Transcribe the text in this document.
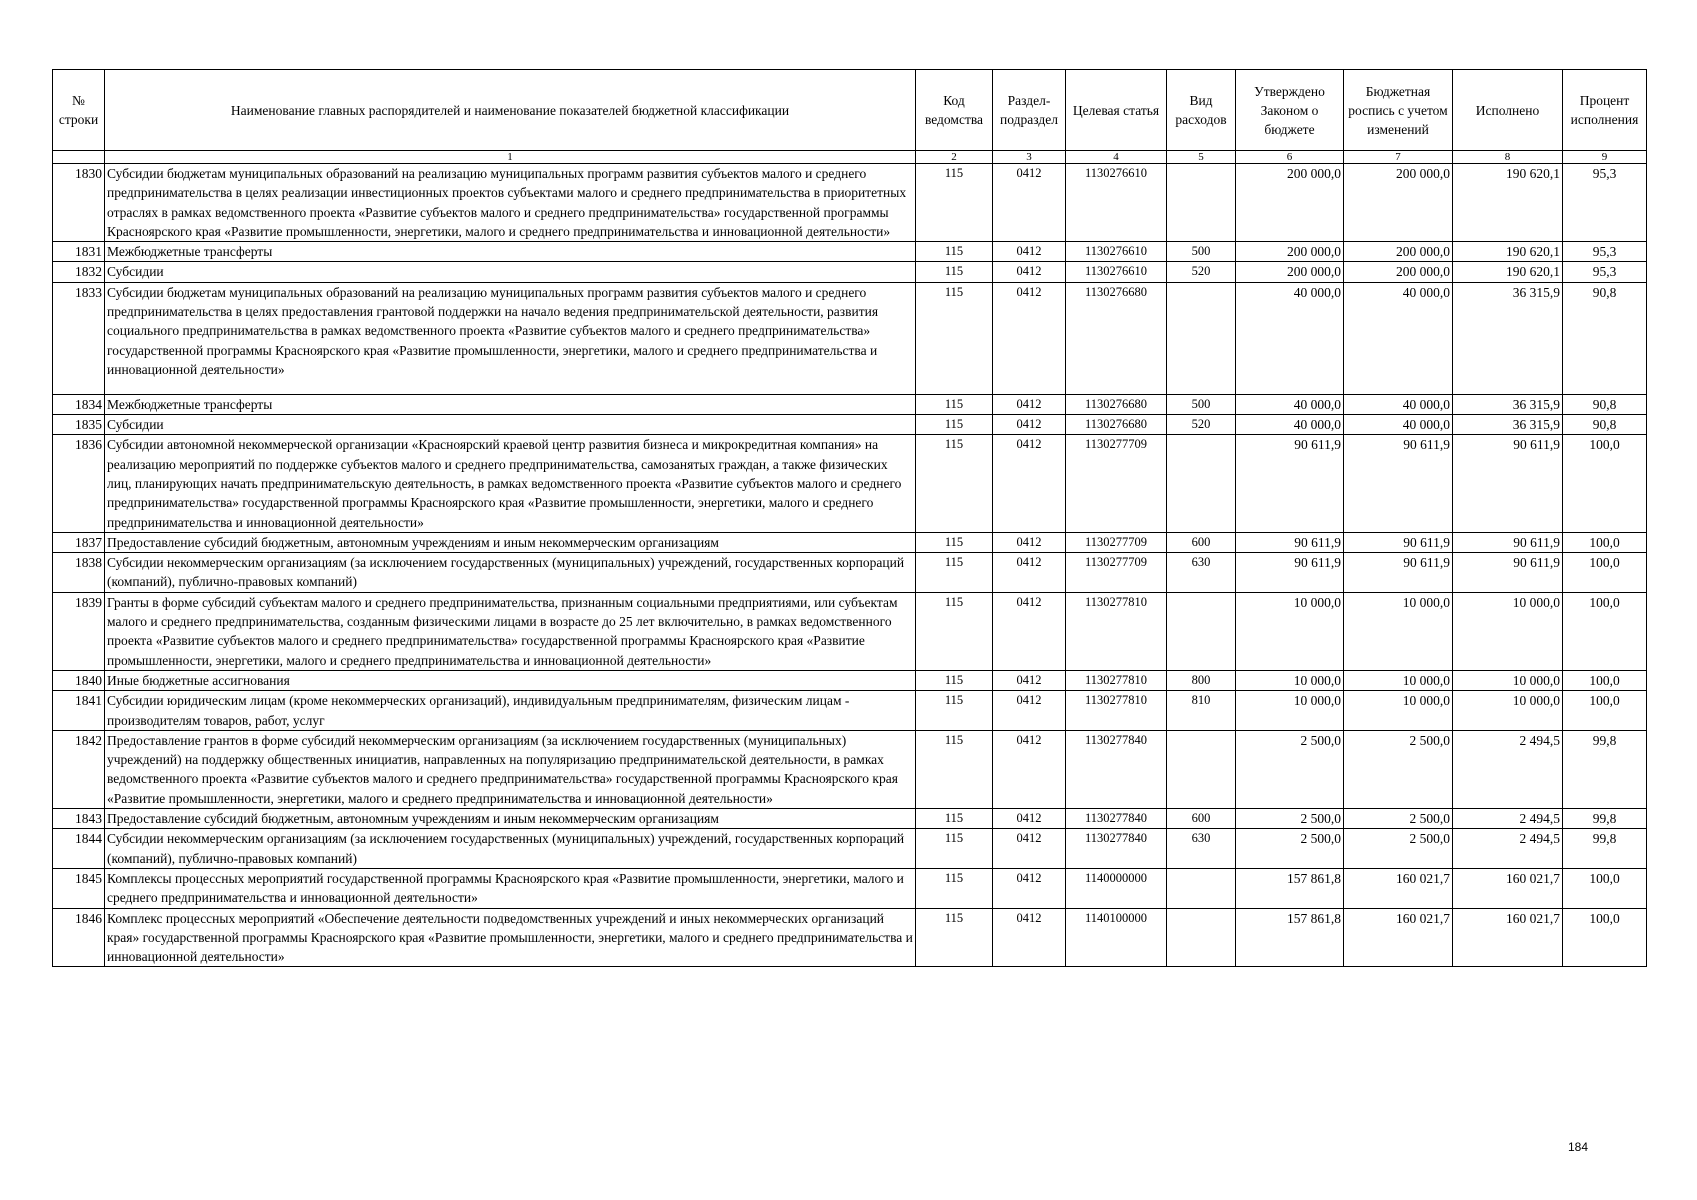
№ строки	Наименование главных распорядителей и наименование показателей бюджетной классификации	Код ведомства	Раздел-подраздел	Целевая статья	Вид расходов	Утверждено Законом о бюджете	Бюджетная роспись с учетом изменений	Исполнено	Процент исполнения
	1	2	3	4	5	6	7	8	9
1830	Субсидии бюджетам муниципальных образований на реализацию муниципальных программ развития субъектов малого и среднего предпринимательства в целях реализации инвестиционных проектов субъектами малого и среднего предпринимательства в приоритетных отраслях в рамках ведомственного проекта «Развитие субъектов малого и среднего предпринимательства» государственной программы Красноярского края «Развитие промышленности, энергетики, малого и среднего предпринимательства и инновационной деятельности»	115	0412	1130276610		200 000,0	200 000,0	190 620,1	95,3
1831	Межбюджетные трансферты	115	0412	1130276610	500	200 000,0	200 000,0	190 620,1	95,3
1832	Субсидии	115	0412	1130276610	520	200 000,0	200 000,0	190 620,1	95,3
1833	Субсидии бюджетам муниципальных образований на реализацию муниципальных программ развития субъектов малого и среднего предпринимательства в целях предоставления грантовой поддержки на начало ведения предпринимательской деятельности, развития социального предпринимательства в рамках ведомственного проекта «Развитие субъектов малого и среднего предпринимательства» государственной программы Красноярского края «Развитие промышленности, энергетики, малого и среднего предпринимательства и инновационной деятельности»	115	0412	1130276680		40 000,0	40 000,0	36 315,9	90,8
1834	Межбюджетные трансферты	115	0412	1130276680	500	40 000,0	40 000,0	36 315,9	90,8
1835	Субсидии	115	0412	1130276680	520	40 000,0	40 000,0	36 315,9	90,8
1836	Субсидии автономной некоммерческой организации «Красноярский краевой центр развития бизнеса и микрокредитная компания» на реализацию мероприятий по поддержке субъектов малого и среднего предпринимательства, самозанятых граждан, а также физических лиц, планирующих начать предпринимательскую деятельность, в рамках ведомственного проекта «Развитие субъектов малого и среднего предпринимательства» государственной программы Красноярского края «Развитие промышленности, энергетики, малого и среднего предпринимательства и инновационной деятельности»	115	0412	1130277709		90 611,9	90 611,9	90 611,9	100,0
1837	Предоставление субсидий бюджетным, автономным учреждениям и иным некоммерческим организациям	115	0412	1130277709	600	90 611,9	90 611,9	90 611,9	100,0
1838	Субсидии некоммерческим организациям (за исключением государственных (муниципальных) учреждений, государственных корпораций (компаний), публично-правовых компаний)	115	0412	1130277709	630	90 611,9	90 611,9	90 611,9	100,0
1839	Гранты в форме субсидий субъектам малого и среднего предпринимательства, признанным социальными предприятиями, или субъектам малого и среднего предпринимательства, созданным физическими лицами в возрасте до 25 лет включительно, в рамках ведомственного проекта «Развитие субъектов малого и среднего предпринимательства» государственной программы Красноярского края «Развитие промышленности, энергетики, малого и среднего предпринимательства и инновационной деятельности»	115	0412	1130277810		10 000,0	10 000,0	10 000,0	100,0
1840	Иные бюджетные ассигнования	115	0412	1130277810	800	10 000,0	10 000,0	10 000,0	100,0
1841	Субсидии юридическим лицам (кроме некоммерческих организаций), индивидуальным предпринимателям, физическим лицам - производителям товаров, работ, услуг	115	0412	1130277810	810	10 000,0	10 000,0	10 000,0	100,0
1842	Предоставление грантов в форме субсидий некоммерческим организациям (за исключением государственных (муниципальных) учреждений) на поддержку общественных инициатив, направленных на популяризацию предпринимательской деятельности, в рамках ведомственного проекта «Развитие субъектов малого и среднего предпринимательства» государственной программы Красноярского края «Развитие промышленности, энергетики, малого и среднего предпринимательства и инновационной деятельности»	115	0412	1130277840		2 500,0	2 500,0	2 494,5	99,8
1843	Предоставление субсидий бюджетным, автономным учреждениям и иным некоммерческим организациям	115	0412	1130277840	600	2 500,0	2 500,0	2 494,5	99,8
1844	Субсидии некоммерческим организациям (за исключением государственных (муниципальных) учреждений, государственных корпораций (компаний), публично-правовых компаний)	115	0412	1130277840	630	2 500,0	2 500,0	2 494,5	99,8
1845	Комплексы процессных мероприятий государственной программы Красноярского края «Развитие промышленности, энергетики, малого и среднего предпринимательства и инновационной деятельности»	115	0412	1140000000		157 861,8	160 021,7	160 021,7	100,0
1846	Комплекс процессных мероприятий «Обеспечение деятельности подведомственных учреждений и иных некоммерческих организаций края» государственной программы Красноярского края «Развитие промышленности, энергетики, малого и среднего предпринимательства и инновационной деятельности»	115	0412	1140100000		157 861,8	160 021,7	160 021,7	100,0
184
